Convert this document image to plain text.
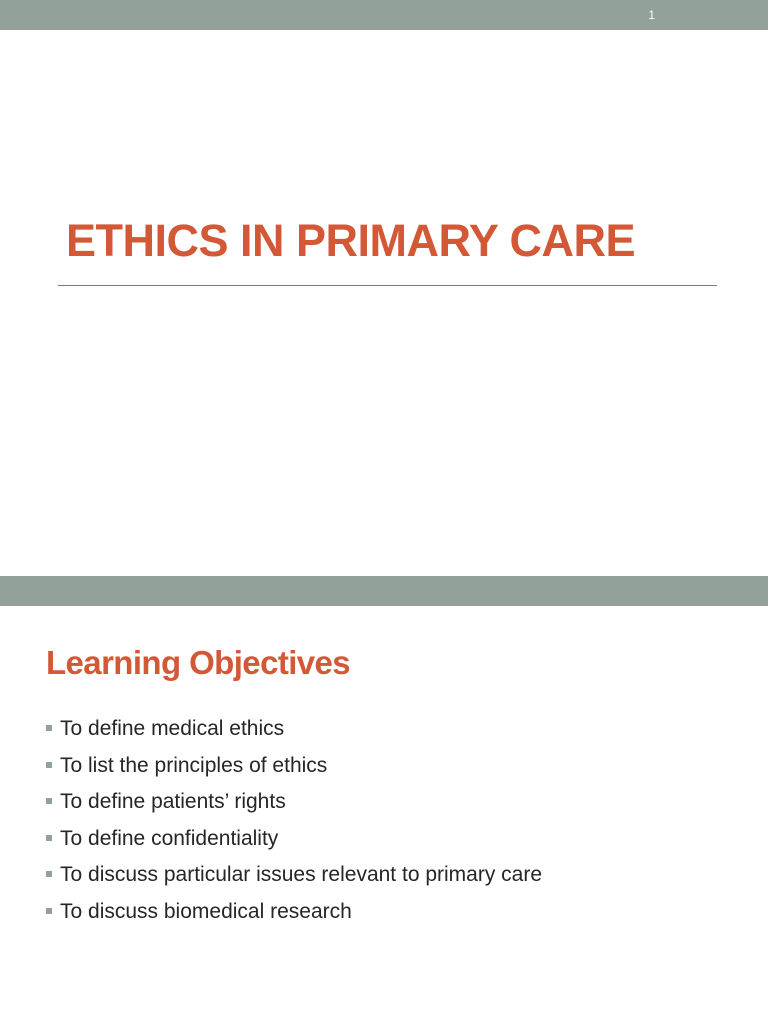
1
ETHICS IN PRIMARY CARE
Learning Objectives
To define medical ethics
To list the principles of ethics
To define patients’ rights
To define confidentiality
To discuss particular issues relevant to primary care
To discuss biomedical research
